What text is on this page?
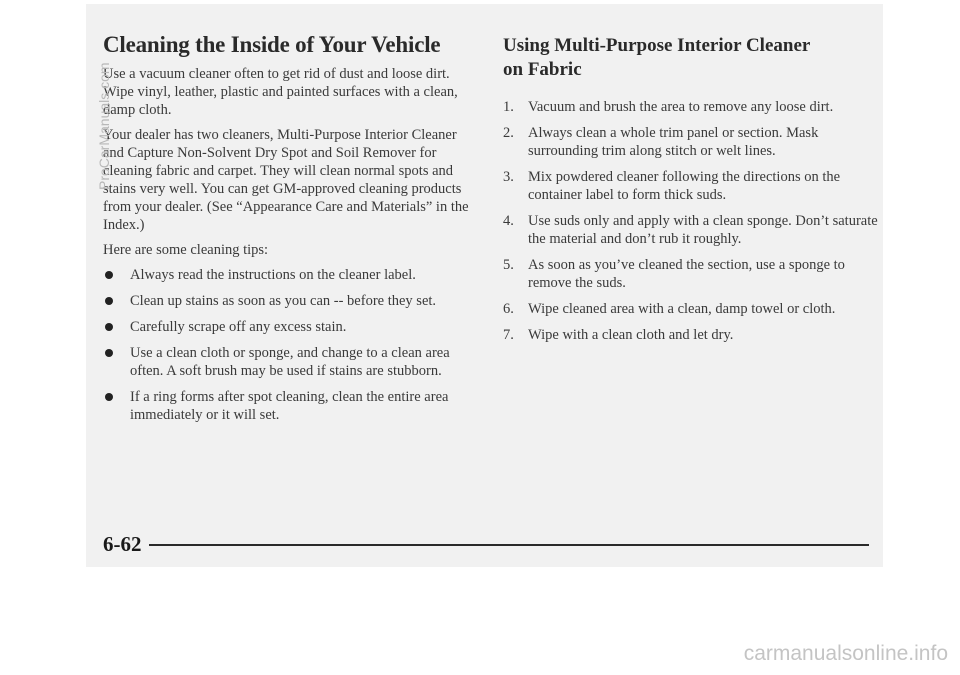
Cleaning the Inside of Your Vehicle

Use a vacuum cleaner often to get rid of dust and loose dirt. Wipe vinyl, leather, plastic and painted surfaces with a clean, damp cloth.

Your dealer has two cleaners, Multi-Purpose Interior Cleaner and Capture Non-Solvent Dry Spot and Soil Remover for cleaning fabric and carpet. They will clean normal spots and stains very well. You can get GM-approved cleaning products from your dealer. (See “Appearance Care and Materials” in the Index.)

Here are some cleaning tips:

Always read the instructions on the cleaner label.
Clean up stains as soon as you can -- before they set.
Carefully scrape off any excess stain.
Use a clean cloth or sponge, and change to a clean area often. A soft brush may be used if stains are stubborn.
If a ring forms after spot cleaning, clean the entire area immediately or it will set.
Using Multi-Purpose Interior Cleaner on Fabric
1. Vacuum and brush the area to remove any loose dirt.
2. Always clean a whole trim panel or section. Mask surrounding trim along stitch or welt lines.
3. Mix powdered cleaner following the directions on the container label to form thick suds.
4. Use suds only and apply with a clean sponge. Don’t saturate the material and don’t rub it roughly.
5. As soon as you’ve cleaned the section, use a sponge to remove the suds.
6. Wipe cleaned area with a clean, damp towel or cloth.
7. Wipe with a clean cloth and let dry.
6-62
ProCarManuals.com
carmanualsonline.info
